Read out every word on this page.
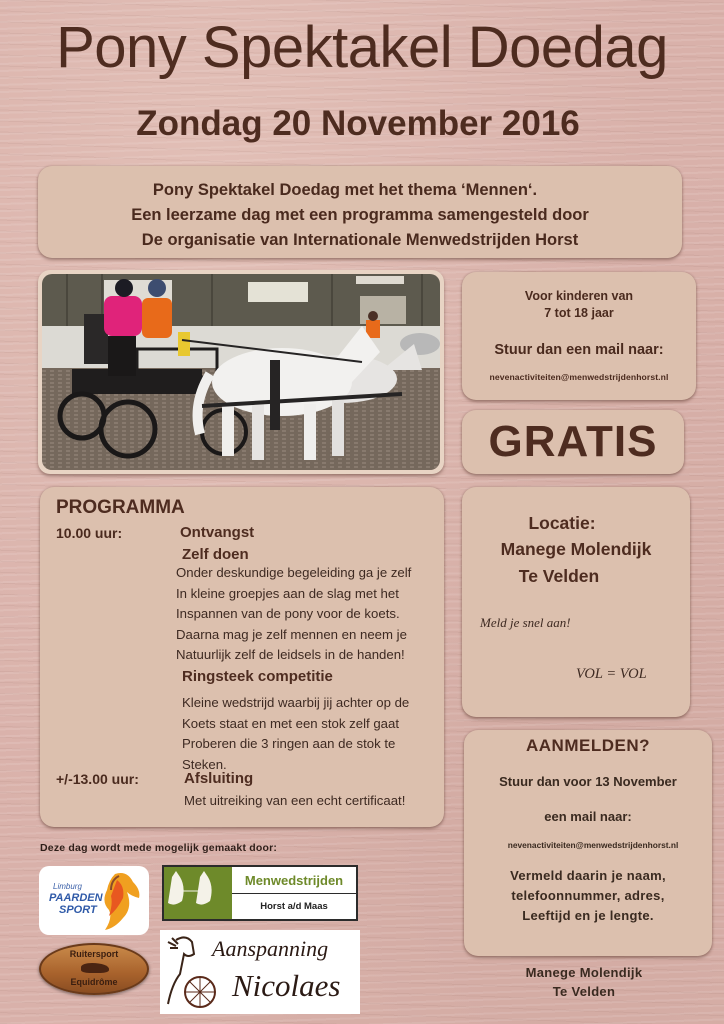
Pony Spektakel Doedag
Zondag 20 November 2016
Pony Spektakel Doedag met het thema ‘Mennen‘.
Een leerzame dag met een programma samengesteld door
De organisatie van Internationale Menwedstrijden Horst
Voor kinderen van
7 tot 18 jaar
Stuur dan een mail naar:
nevenactiviteiten@menwedstrijdenhorst.nl
GRATIS
PROGRAMMA
10.00 uur:	Ontvangst
Zelf doen
Onder deskundige begeleiding ga je zelf
In kleine groepjes aan de slag met het
Inspannen van de pony voor de koets.
Daarna mag je zelf mennen en neem je
Natuurlijk zelf de leidsels in de handen!
Ringsteek competitie
Kleine wedstrijd waarbij jij achter op de
Koets staat en met een stok zelf gaat
Proberen die 3 ringen aan de stok te
Steken.
+/-13.00 uur:	Afsluiting
Met uitreiking van een echt certificaat!
Locatie:
Manege Molendijk
Te Velden
Meld je snel aan!
VOL = VOL
AANMELDEN?
Stuur dan voor 13 November
een mail naar:
nevenactiviteiten@menwedstrijdenhorst.nl
Vermeld daarin je naam,
telefoonnummer, adres,
Leeftijd en je lengte.
Manege Molendijk
Te Velden
Deze dag wordt mede mogelijk gemaakt door:
Limburg
PAARDEN
SPORT
Menwedstrijden
Horst a/d Maas
Ruitersport
Equidrôme
Aanspanning
Nicolaes
